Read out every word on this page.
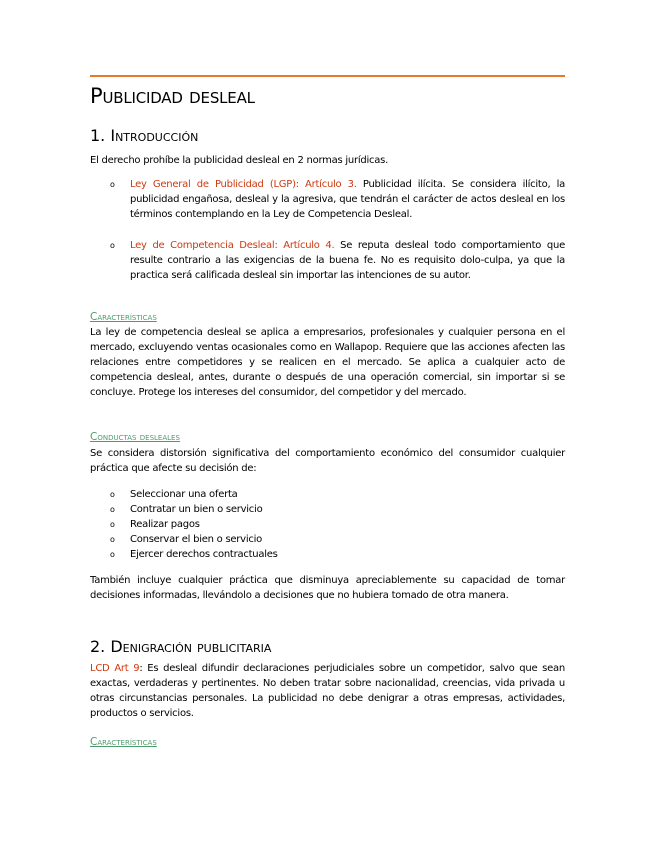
Publicidad desleal
1. Introducción

El derecho prohíbe la publicidad desleal en 2 normas jurídicas.

o Ley General de Publicidad (LGP): Artículo 3. Publicidad ilícita. Se considera ilícito, la publicidad engañosa, desleal y la agresiva, que tendrán el carácter de actos desleal en los términos contemplando en la Ley de Competencia Desleal.
o Ley de Competencia Desleal: Artículo 4. Se reputa desleal todo comportamiento que resulte contrario a las exigencias de la buena fe. No es requisito dolo-culpa, ya que la practica será calificada desleal sin importar las intenciones de su autor.
Características

La ley de competencia desleal se aplica a empresarios, profesionales y cualquier persona en el mercado, excluyendo ventas ocasionales como en Wallapop. Requiere que las acciones afecten las relaciones entre competidores y se realicen en el mercado. Se aplica a cualquier acto de competencia desleal, antes, durante o después de una operación comercial, sin importar si se concluye. Protege los intereses del consumidor, del competidor y del mercado.

Conductas desleales

Se considera distorsión significativa del comportamiento económico del consumidor cualquier práctica que afecte su decisión de:

o Seleccionar una oferta
o Contratar un bien o servicio
o Realizar pagos
o Conservar el bien o servicio
o Ejercer derechos contractuales

También incluye cualquier práctica que disminuya apreciablemente su capacidad de tomar decisiones informadas, llevándolo a decisiones que no hubiera tomado de otra manera.

2. Denigración publicitaria

LCD Art 9: Es desleal difundir declaraciones perjudiciales sobre un competidor, salvo que sean exactas, verdaderas y pertinentes. No deben tratar sobre nacionalidad, creencias, vida privada u otras circunstancias personales. La publicidad no debe denigrar a otras empresas, actividades, productos o servicios.

Características
